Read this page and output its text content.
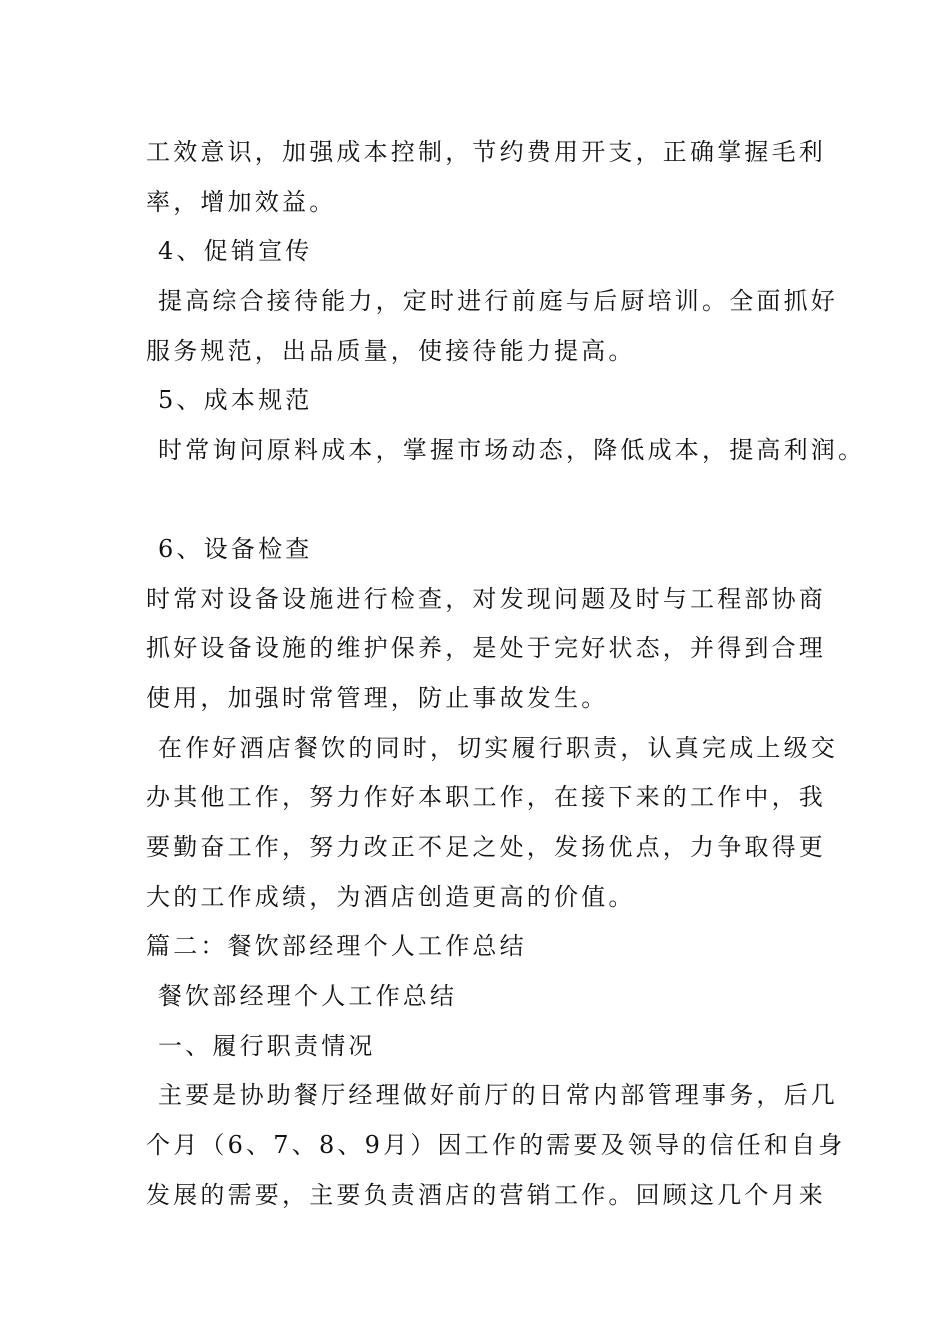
工效意识，加强成本控制，节约费用开支，正确掌握毛利
率，增加效益。
4、促销宣传
提高综合接待能力，定时进行前庭与后厨培训。全面抓好
服务规范，出品质量，使接待能力提高。
5、成本规范
时常询问原料成本，掌握市场动态，降低成本，提高利润。
6、设备检查
时常对设备设施进行检查，对发现问题及时与工程部协商
抓好设备设施的维护保养，是处于完好状态，并得到合理
使用，加强时常管理，防止事故发生。
在作好酒店餐饮的同时，切实履行职责，认真完成上级交
办其他工作，努力作好本职工作，在接下来的工作中，我
要勤奋工作，努力改正不足之处，发扬优点，力争取得更
大的工作成绩，为酒店创造更高的价值。
篇二：餐饮部经理个人工作总结
餐饮部经理个人工作总结
一、履行职责情况
主要是协助餐厅经理做好前厅的日常内部管理事务，后几
个月（6、7、8、9月）因工作的需要及领导的信任和自身
发展的需要，主要负责酒店的营销工作。回顾这几个月来
